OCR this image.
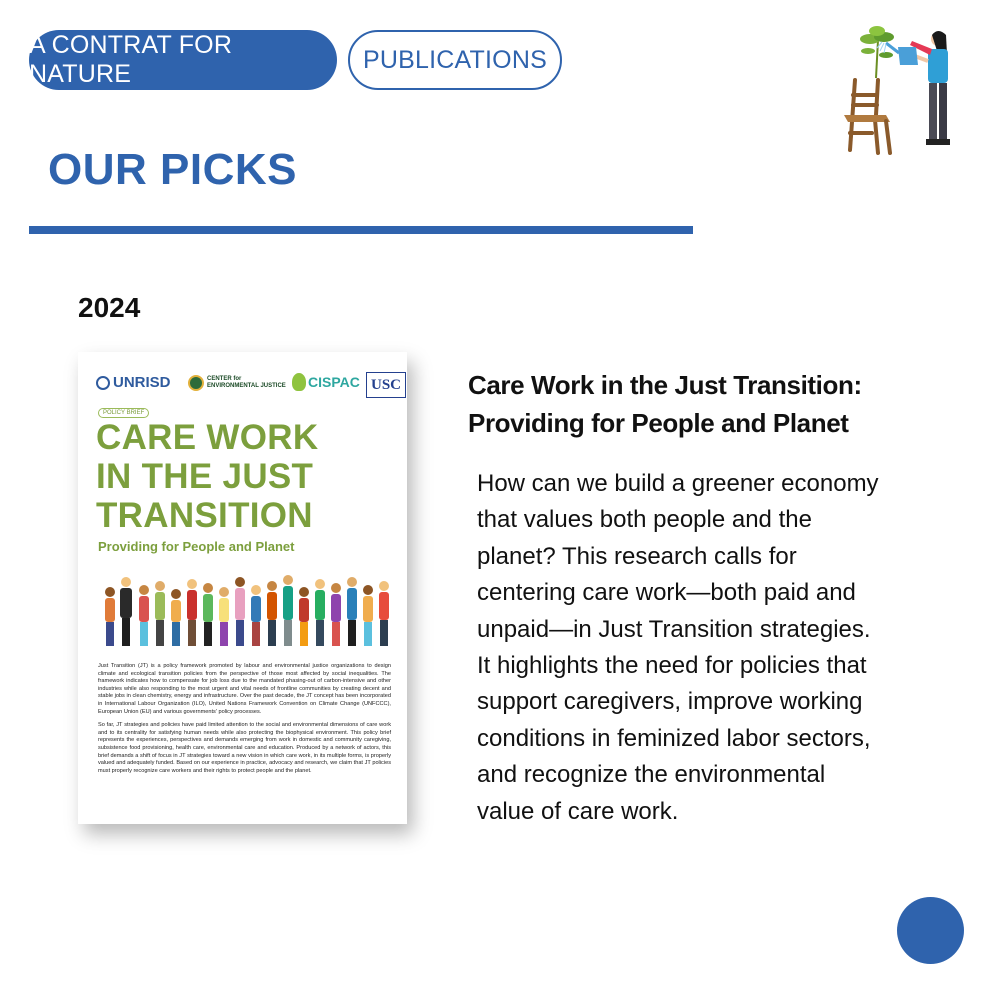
A CONTRAT FOR NATURE
PUBLICATIONS
OUR PICKS
2024
UNRISD	CENTER for
ENVIRONMENTAL JUSTICE CISPAC USC
POLICY BRIEF
CARE WORK
IN THE JUST
TRANSITION
Providing for People and Planet

Just Transition (JT) is a policy framework promoted by labour and environmental justice organizations to design climate and ecological transition policies from the perspective of those most affected by social inequalities. The framework indicates how to compensate for job loss due to the mandated phasing-out of carbon-intensive and other industries while also responding to the most urgent and vital needs of frontline communities by creating decent and stable jobs in clean chemistry, energy and infrastructure. Over the past decade, the JT concept has been incorporated in International Labour Organization (ILO), United Nations Framework Convention on Climate Change (UNFCCC), European Union (EU) and various governments' policy processes.

So far, JT strategies and policies have paid limited attention to the social and environmental dimensions of care work and to its centrality for satisfying human needs while also protecting the biophysical environment. This policy brief represents the experiences, perspectives and demands emerging from work in domestic and community caregiving, subsistence food provisioning, health care, environmental care and education. Produced by a network of actors, this brief demands a shift of focus in JT strategies toward a new vision in which care work, in its multiple forms, is properly valued and adequately funded. Based on our experience in practice, advocacy and research, we claim that JT policies must properly recognize care workers and their rights to protect people and the planet.

Care Work in the Just Transition: Providing for People and Planet

How can we build a greener economy
that values both people and the
planet? This research calls for
centering care work—both paid and
unpaid—in Just Transition strategies.
It highlights the need for policies that
support caregivers, improve working
conditions in feminized labor sectors,
and recognize the environmental
value of care work.
